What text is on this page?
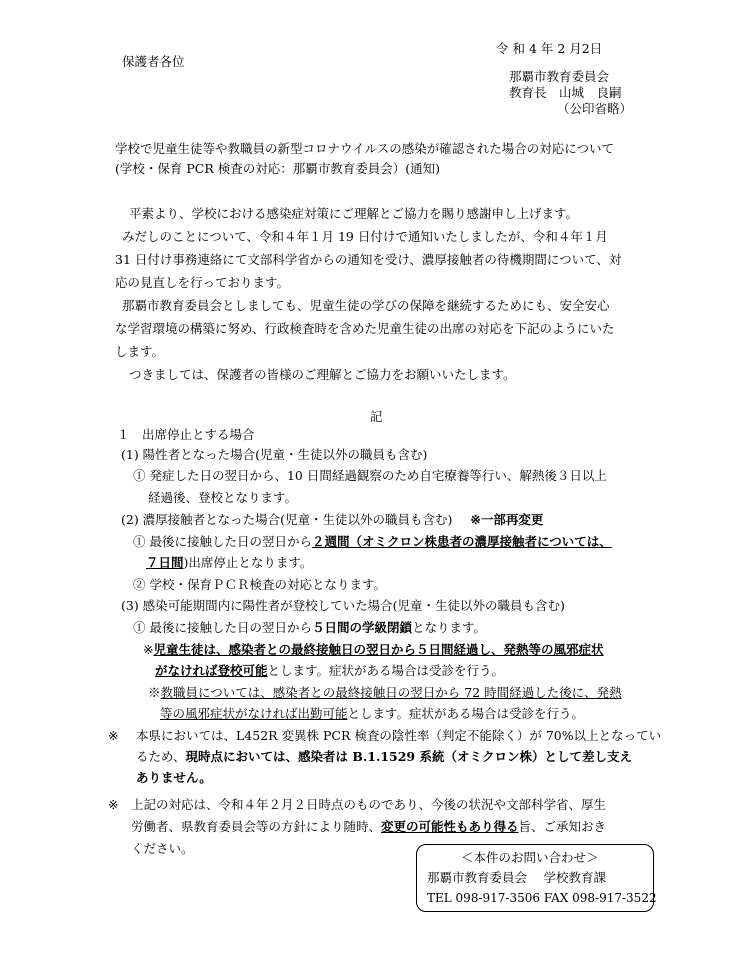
令 和 4 年 2 月2日
保護者各位
那覇市教育委員会
教育長　山城　良嗣
（公印省略）
学校で児童生徒等や教職員の新型コロナウイルスの感染が確認された場合の対応について
(学校・保育 PCR 検査の対応：那覇市教育委員会）(通知)
平素より、学校における感染症対策にご理解とご協力を賜り感謝申し上げます。
みだしのことについて、令和４年１月 19 日付けで通知いたしましたが、令和４年１月
31 日付け事務連絡にて文部科学省からの通知を受け、濃厚接触者の待機期間について、対
応の見直しを行っております。
那覇市教育委員会としましても、児童生徒の学びの保障を継続するためにも、安全安心
な学習環境の構築に努め、行政検査時を含めた児童生徒の出席の対応を下記のようにいた
します。
つきましては、保護者の皆様のご理解とご協力をお願いいたします。
記
１　出席停止とする場合
(1) 陽性者となった場合(児童・生徒以外の職員も含む)
① 発症した日の翌日から、10 日間経過観察のため自宅療養等行い、解熱後３日以上
経過後、登校となります。
(2) 濃厚接触者となった場合(児童・生徒以外の職員も含む) ※一部再変更
① 最後に接触した日の翌日から２週間（オミクロン株患者の濃厚接触者については、
７日間)出席停止となります。
② 学校・保育ＰＣＲ検査の対応となります。
(3) 感染可能期間内に陽性者が登校していた場合(児童・生徒以外の職員も含む)
① 最後に接触した日の翌日から５日間の学級閉鎖となります。
※児童生徒は、感染者との最終接触日の翌日から５日間経過し、発熱等の風邪症状
がなければ登校可能とします。症状がある場合は受診を行う。
※教職員については、感染者との最終接触日の翌日から 72 時間経過した後に、発熱
等の風邪症状がなければ出勤可能とします。症状がある場合は受診を行う。
※ 本県においては、L452R 変異株 PCR 検査の陰性率（判定不能除く）が 70%以上となってい
るため、現時点においては、感染者は B.1.1529 系統（オミクロン株）として差し支え
ありません。
※ 上記の対応は、令和４年２月２日時点のものであり、今後の状況や文部科学省、厚生
労働者、県教育委員会等の方針により随時、変更の可能性もあり得る旨、ご承知おき
ください。
＜本件のお問い合わせ＞
那覇市教育委員会　 学校教育課
TEL 098-917-3506 FAX 098-917-3522
